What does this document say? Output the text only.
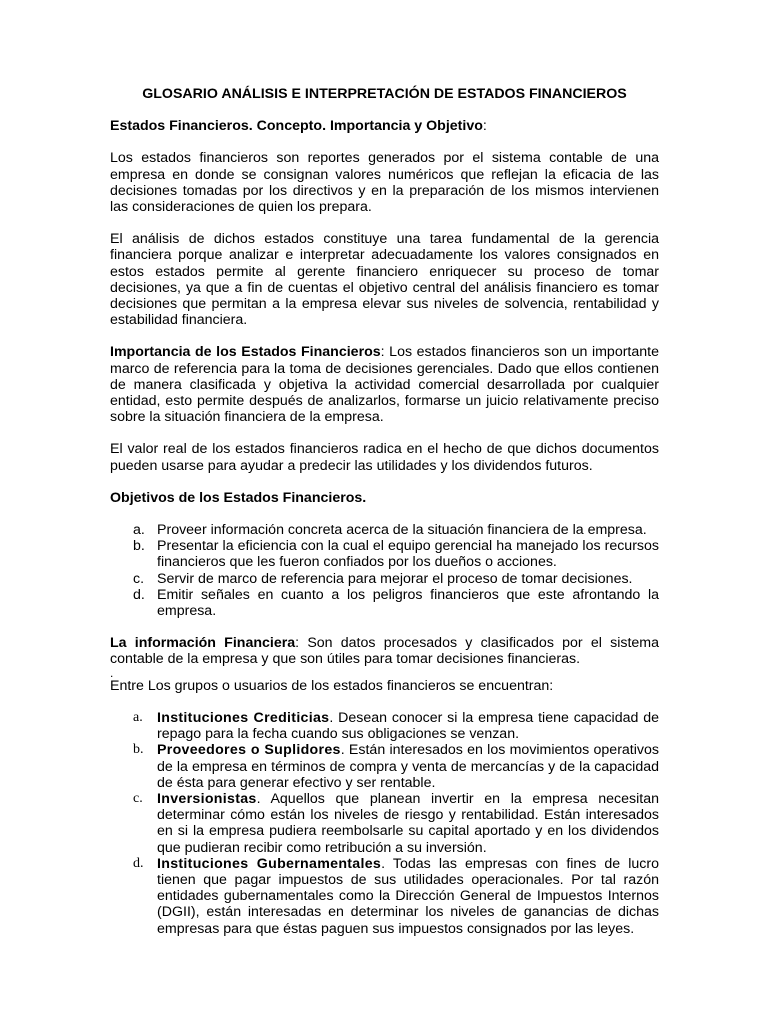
GLOSARIO ANÁLISIS E INTERPRETACIÓN DE ESTADOS FINANCIEROS

Estados Financieros. Concepto. Importancia y Objetivo:

Los estados financieros son reportes generados por el sistema contable de una empresa en donde se consignan valores numéricos que reflejan la eficacia de las decisiones tomadas por los directivos y en la preparación de los mismos intervienen las consideraciones de quien los prepara.

El análisis de dichos estados constituye una tarea fundamental de la gerencia financiera porque analizar e interpretar adecuadamente los valores consignados en estos estados permite al gerente financiero enriquecer su proceso de tomar decisiones, ya que a fin de cuentas el objetivo central del análisis financiero es tomar decisiones que permitan a la empresa elevar sus niveles de solvencia, rentabilidad y estabilidad financiera.

Importancia de los Estados Financieros: Los estados financieros son un importante marco de referencia para la toma de decisiones gerenciales. Dado que ellos contienen de manera clasificada y objetiva la actividad comercial desarrollada por cualquier entidad, esto permite después de analizarlos, formarse un juicio relativamente preciso sobre la situación financiera de la empresa.

El valor real de los estados financieros radica en el hecho de que dichos documentos pueden usarse para ayudar a predecir las utilidades y los dividendos futuros.

Objetivos de los Estados Financieros.

a. Proveer información concreta acerca de la situación financiera de la empresa.
b. Presentar la eficiencia con la cual el equipo gerencial ha manejado los recursos financieros que les fueron confiados por los dueños o acciones.
c. Servir de marco de referencia para mejorar el proceso de tomar decisiones.
d. Emitir señales en cuanto a los peligros financieros que este afrontando la empresa.

La información Financiera: Son datos procesados y clasificados por el sistema contable de la empresa y que son útiles para tomar decisiones financieras.

.

Entre Los grupos o usuarios de los estados financieros se encuentran:

a. Instituciones Crediticias. Desean conocer si la empresa tiene capacidad de repago para la fecha cuando sus obligaciones se venzan.
b. Proveedores o Suplidores. Están interesados en los movimientos operativos de la empresa en términos de compra y venta de mercancías y de la capacidad de ésta para generar efectivo y ser rentable.
c. Inversionistas. Aquellos que planean invertir en la empresa necesitan determinar cómo están los niveles de riesgo y rentabilidad. Están interesados en si la empresa pudiera reembolsarle su capital aportado y en los dividendos que pudieran recibir como retribución a su inversión.
d. Instituciones Gubernamentales. Todas las empresas con fines de lucro tienen que pagar impuestos de sus utilidades operacionales. Por tal razón entidades gubernamentales como la Dirección General de Impuestos Internos (DGII), están interesadas en determinar los niveles de ganancias de dichas empresas para que éstas paguen sus impuestos consignados por las leyes.
